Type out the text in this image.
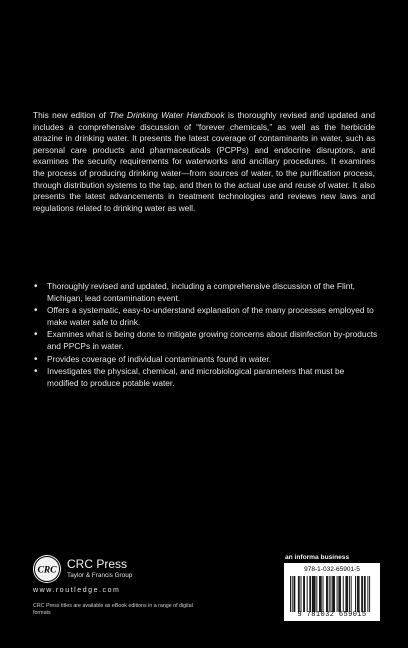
This new edition of The Drinking Water Handbook is thoroughly revised and updated and includes a comprehensive discussion of “forever chemicals,” as well as the herbicide atrazine in drinking water. It presents the latest coverage of contaminants in water, such as personal care products and pharmaceuticals (PCPPs) and endocrine disruptors, and examines the security requirements for waterworks and ancillary procedures. It examines the process of producing drinking water—from sources of water, to the purification process, through distribution systems to the tap, and then to the actual use and reuse of water. It also presents the latest advancements in treatment technologies and reviews new laws and regulations related to drinking water as well.

• Thoroughly revised and updated, including a comprehensive discussion of the Flint, Michigan, lead contamination event.
• Offers a systematic, easy-to-understand explanation of the many processes employed to make water safe to drink.
• Examines what is being done to mitigate growing concerns about disinfection by-products and PPCPs in water.
• Provides coverage of individual contaminants found in water.
• Investigates the physical, chemical, and microbiological parameters that must be modified to produce potable water.
CRC CRC Press
Taylor & Francis Group
www.routledge.com
CRC Press titles are available as eBook editions in a range of digital formats
an informa business
978-1-032-65901-5
9 781032 659015
